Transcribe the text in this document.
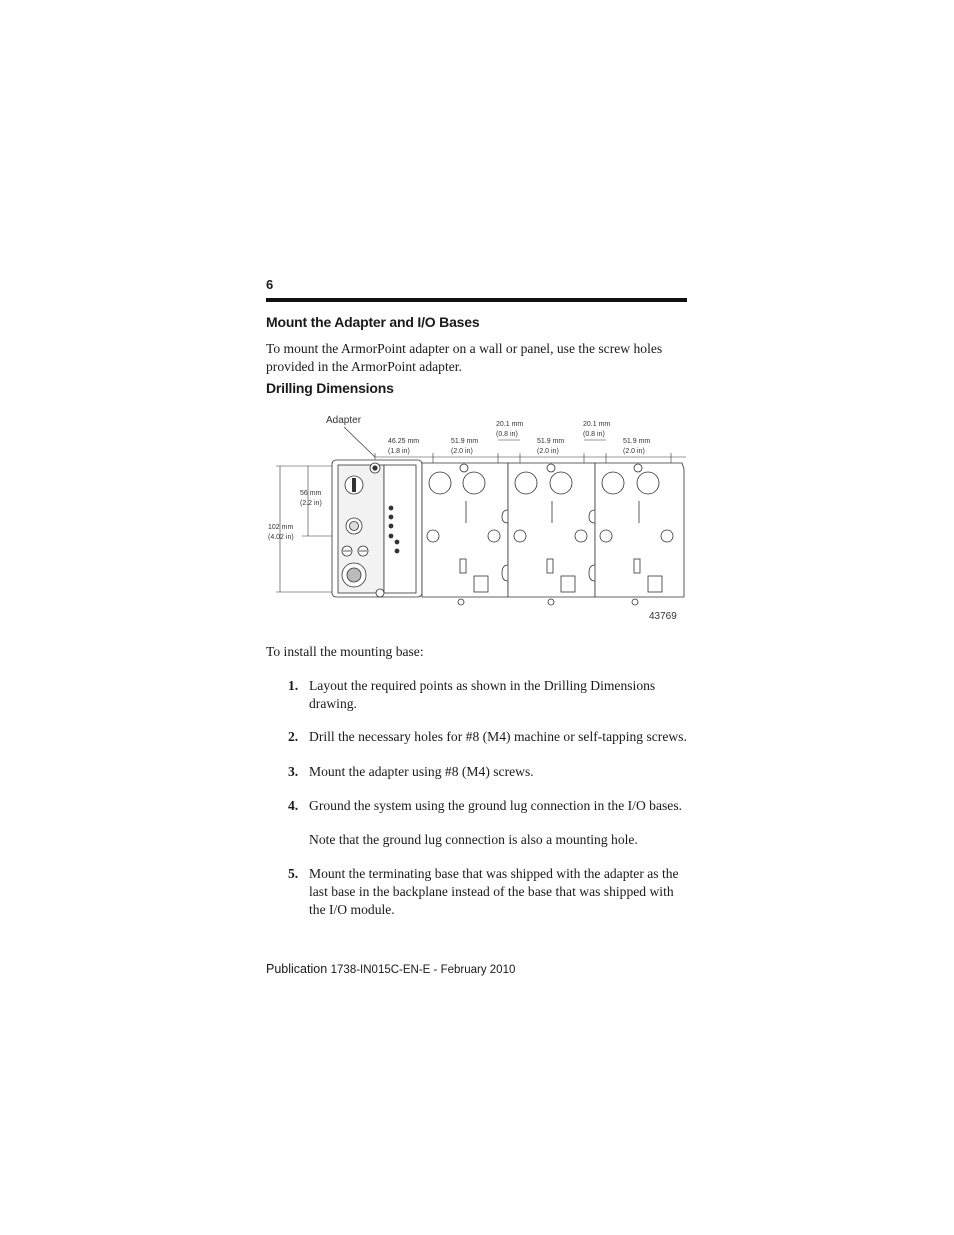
6
Mount the Adapter and I/O Bases
To mount the ArmorPoint adapter on a wall or panel, use the screw holes provided in the ArmorPoint adapter.
Drilling Dimensions
Adapter
46.25 mm
(1.8 in)
51.9 mm
(2.0 in)
20.1 mm
(0.8 in)
51.9 mm
(2.0 in)
20.1 mm
(0.8 in)
51.9 mm
(2.0 in)
56 mm
(2.2 in)
102 mm
(4.02 in)
43769
To install the mounting base:
1. Layout the required points as shown in the Drilling Dimensions drawing.
2. Drill the necessary holes for #8 (M4) machine or self-tapping screws.
3. Mount the adapter using #8 (M4) screws.
4. Ground the system using the ground lug connection in the I/O bases.
Note that the ground lug connection is also a mounting hole.
5. Mount the terminating base that was shipped with the adapter as the last base in the backplane instead of the base that was shipped with the I/O module.
Publication 1738-IN015C-EN-E - February 2010
